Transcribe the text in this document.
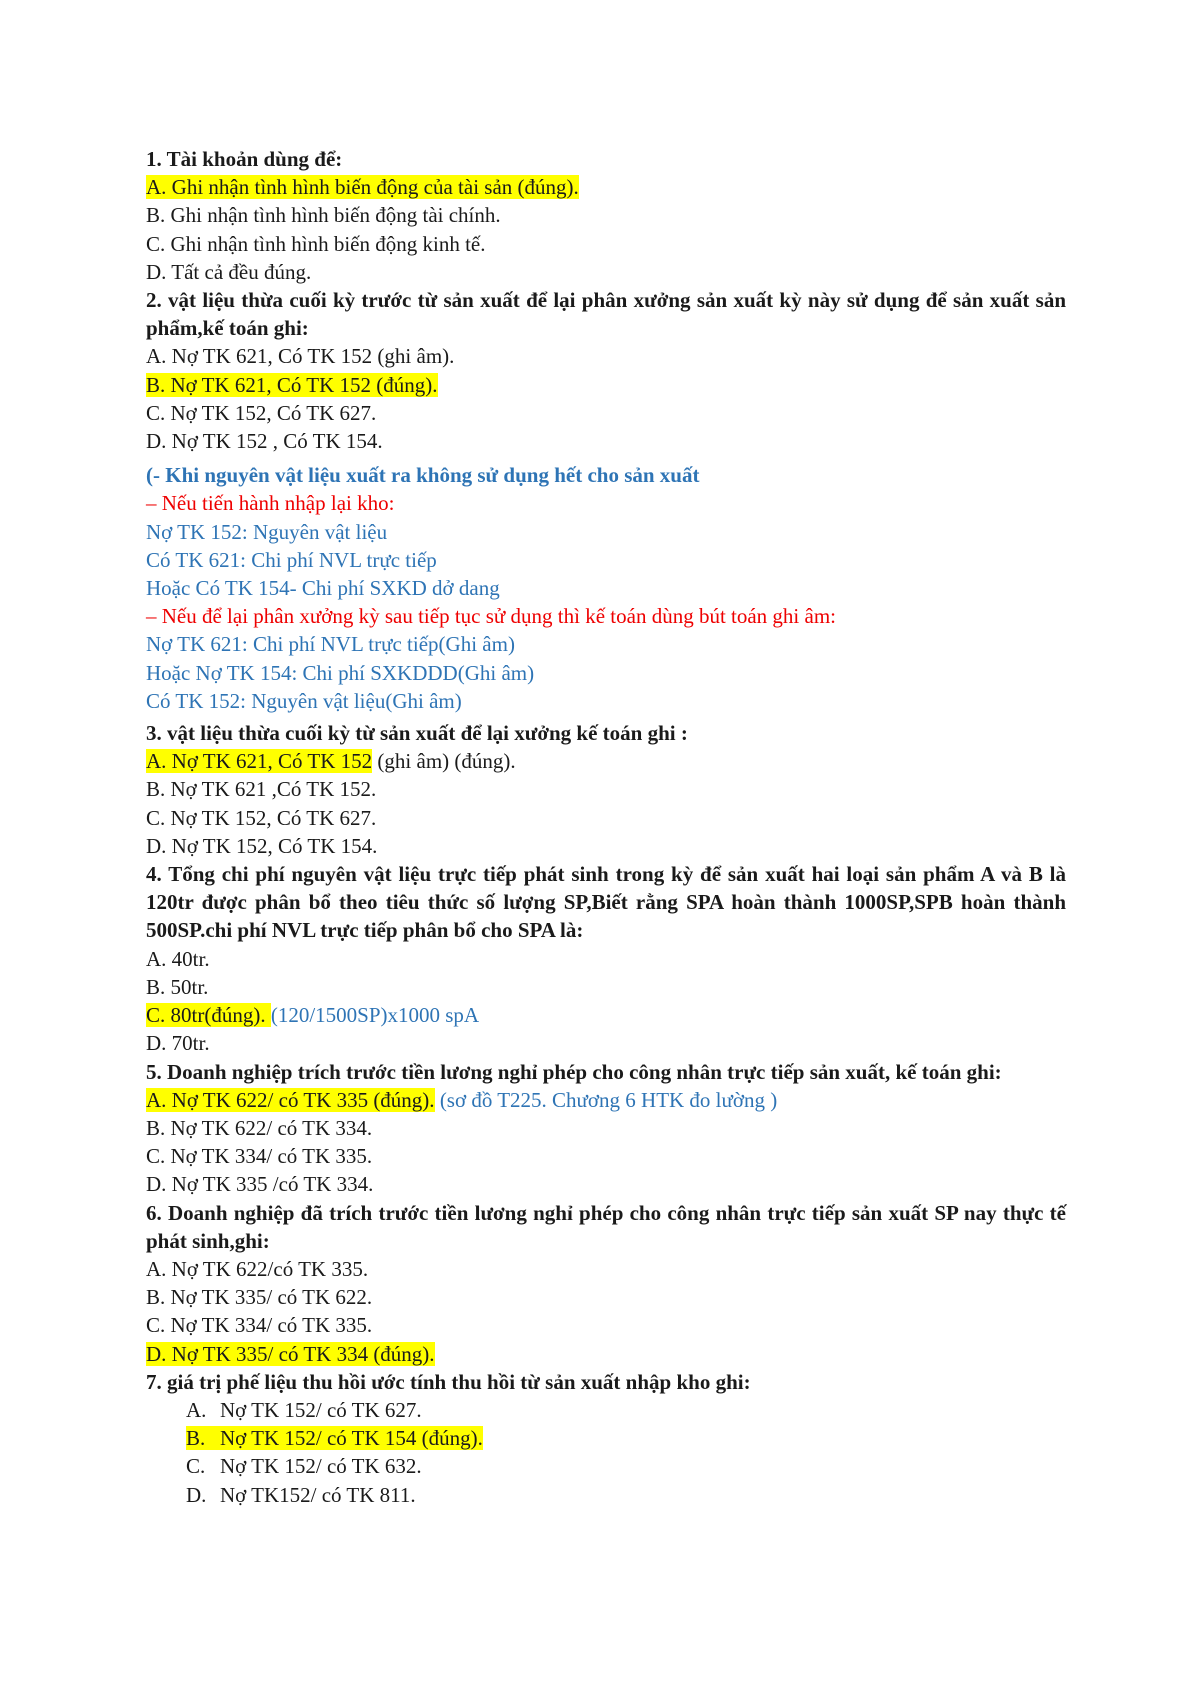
1. Tài khoản dùng để:
A. Ghi nhận tình hình biến động của tài sản (đúng).
B. Ghi nhận tình hình biến động tài chính.
C. Ghi nhận tình hình biến động kinh tế.
D. Tất cả đều đúng.
2. vật liệu thừa cuối kỳ trước từ sản xuất để lại phân xưởng sản xuất kỳ này sử dụng để sản xuất sản phẩm,kế toán ghi:
A. Nợ TK 621, Có TK 152 (ghi âm).
B. Nợ TK 621, Có TK 152 (đúng).
C. Nợ TK 152, Có TK 627.
D. Nợ TK 152 , Có TK 154.
(- Khi nguyên vật liệu xuất ra không sử dụng hết cho sản xuất
– Nếu tiến hành nhập lại kho:
Nợ TK 152: Nguyên vật liệu
Có TK 621: Chi phí NVL trực tiếp
Hoặc Có TK 154- Chi phí SXKD dở dang
– Nếu để lại phân xưởng kỳ sau tiếp tục sử dụng thì kế toán dùng bút toán ghi âm:
Nợ TK 621: Chi phí NVL trực tiếp(Ghi âm)
Hoặc Nợ TK 154: Chi phí SXKDDD(Ghi âm)
Có TK 152: Nguyên vật liệu(Ghi âm)
3. vật liệu thừa cuối kỳ từ sản xuất để lại xưởng kế toán ghi :
A. Nợ TK 621, Có TK 152 (ghi âm) (đúng).
B. Nợ TK 621 ,Có TK 152.
C. Nợ TK 152, Có TK 627.
D. Nợ TK 152, Có TK 154.
4. Tổng chi phí nguyên vật liệu trực tiếp phát sinh trong kỳ để sản xuất hai loại sản phẩm A và B là 120tr được phân bổ theo tiêu thức số lượng SP,Biết rằng SPA hoàn thành 1000SP,SPB hoàn thành 500SP.chi phí NVL trực tiếp phân bổ cho SPA là:
A. 40tr.
B. 50tr.
C. 80tr(đúng). (120/1500SP)x1000 spA
D. 70tr.
5. Doanh nghiệp trích trước tiền lương nghỉ phép cho công nhân trực tiếp sản xuất, kế toán ghi:
A. Nợ TK 622/ có TK 335 (đúng). (sơ đồ T225. Chương 6 HTK đo lường )
B. Nợ TK 622/ có TK 334.
C. Nợ TK 334/ có TK 335.
D. Nợ TK 335 /có TK 334.
6. Doanh nghiệp đã trích trước tiền lương nghỉ phép cho công nhân trực tiếp sản xuất SP nay thực tế phát sinh,ghi:
A. Nợ TK 622/có TK 335.
B. Nợ TK 335/ có TK 622.
C. Nợ TK 334/ có TK 335.
D. Nợ TK 335/ có TK 334 (đúng).
7. giá trị phế liệu thu hồi ước tính thu hồi từ sản xuất nhập kho ghi:
A. Nợ TK 152/ có TK 627.
B. Nợ TK 152/ có TK 154 (đúng).
C. Nợ TK 152/ có TK 632.
D. Nợ TK152/ có TK 811.
